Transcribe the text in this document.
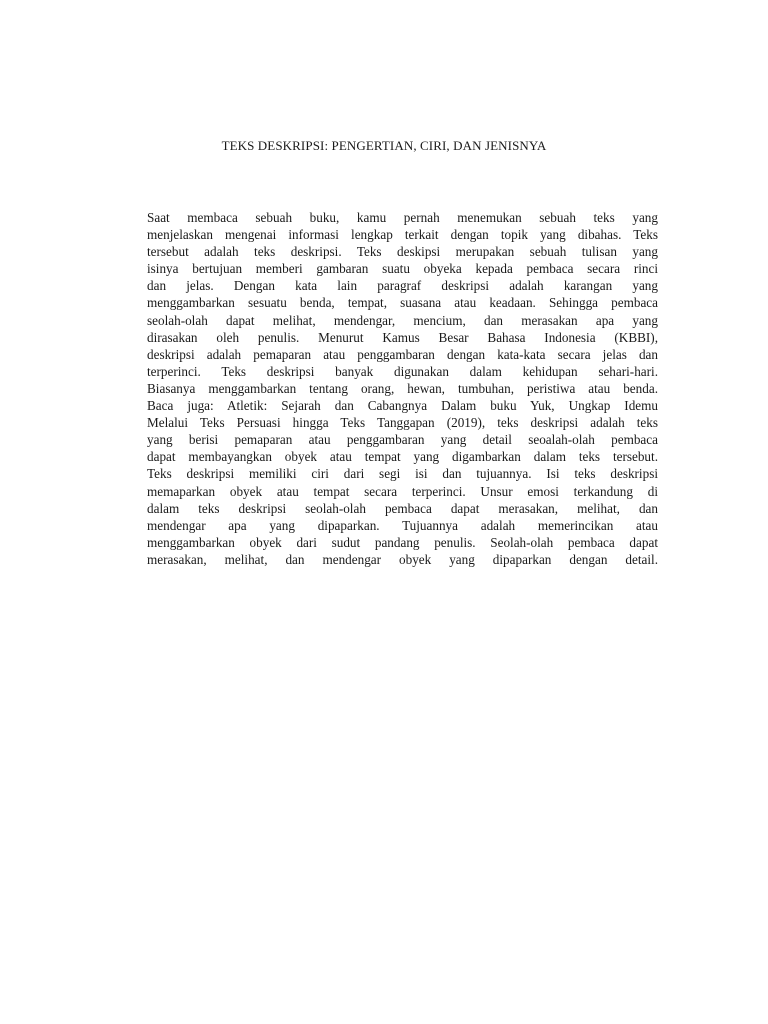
TEKS DESKRIPSI: PENGERTIAN, CIRI, DAN JENISNYA
Saat membaca sebuah buku, kamu pernah menemukan sebuah teks yang
menjelaskan mengenai informasi lengkap terkait dengan topik yang dibahas. Teks
tersebut adalah teks deskripsi. Teks deskipsi merupakan sebuah tulisan yang
isinya bertujuan memberi gambaran suatu obyeka kepada pembaca secara rinci
dan jelas. Dengan kata lain paragraf deskripsi adalah karangan yang
menggambarkan sesuatu benda, tempat, suasana atau keadaan. Sehingga pembaca
seolah-olah dapat melihat, mendengar, mencium, dan merasakan apa yang
dirasakan oleh penulis. Menurut Kamus Besar Bahasa Indonesia (KBBI),
deskripsi adalah pemaparan atau penggambaran dengan kata-kata secara jelas dan
terperinci. Teks deskripsi banyak digunakan dalam kehidupan sehari-hari.
Biasanya menggambarkan tentang orang, hewan, tumbuhan, peristiwa atau benda.
Baca juga: Atletik: Sejarah dan Cabangnya Dalam buku Yuk, Ungkap Idemu
Melalui Teks Persuasi hingga Teks Tanggapan (2019), teks deskripsi adalah teks
yang berisi pemaparan atau penggambaran yang detail seoalah-olah pembaca
dapat membayangkan obyek atau tempat yang digambarkan dalam teks tersebut.
Teks deskripsi memiliki ciri dari segi isi dan tujuannya. Isi teks deskripsi
memaparkan obyek atau tempat secara terperinci. Unsur emosi terkandung di
dalam teks deskripsi seolah-olah pembaca dapat merasakan, melihat, dan
mendengar apa yang dipaparkan. Tujuannya adalah memerincikan atau
menggambarkan obyek dari sudut pandang penulis. Seolah-olah pembaca dapat
merasakan, melihat, dan mendengar obyek yang dipaparkan dengan detail.
